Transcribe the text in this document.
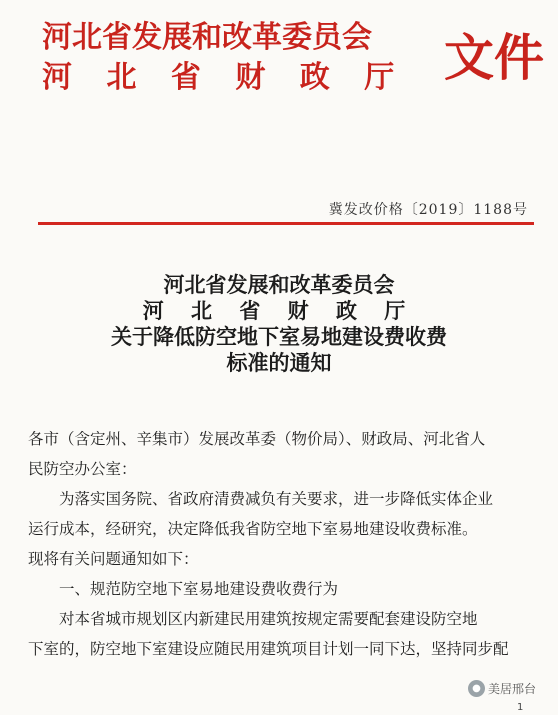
河北省发展和改革委员会

河 北 省 财 政 厅 文件
冀发改价格〔2019〕1188号

河北省发展和改革委员会

河 北 省 财 政 厅

关于降低防空地下室易地建设费收费

标准的通知

各市（含定州、辛集市）发展改革委（物价局）、财政局、河北省人
民防空办公室：

为落实国务院、省政府清费减负有关要求，进一步降低实体企业
运行成本，经研究，决定降低我省防空地下室易地建设收费标准。
现将有关问题通知如下：

一、规范防空地下室易地建设费收费行为

对本省城市规划区内新建民用建筑按规定需要配套建设防空地
下室的，防空地下室建设应随民用建筑项目计划一同下达，坚持同步配

● 美居邢台
1
